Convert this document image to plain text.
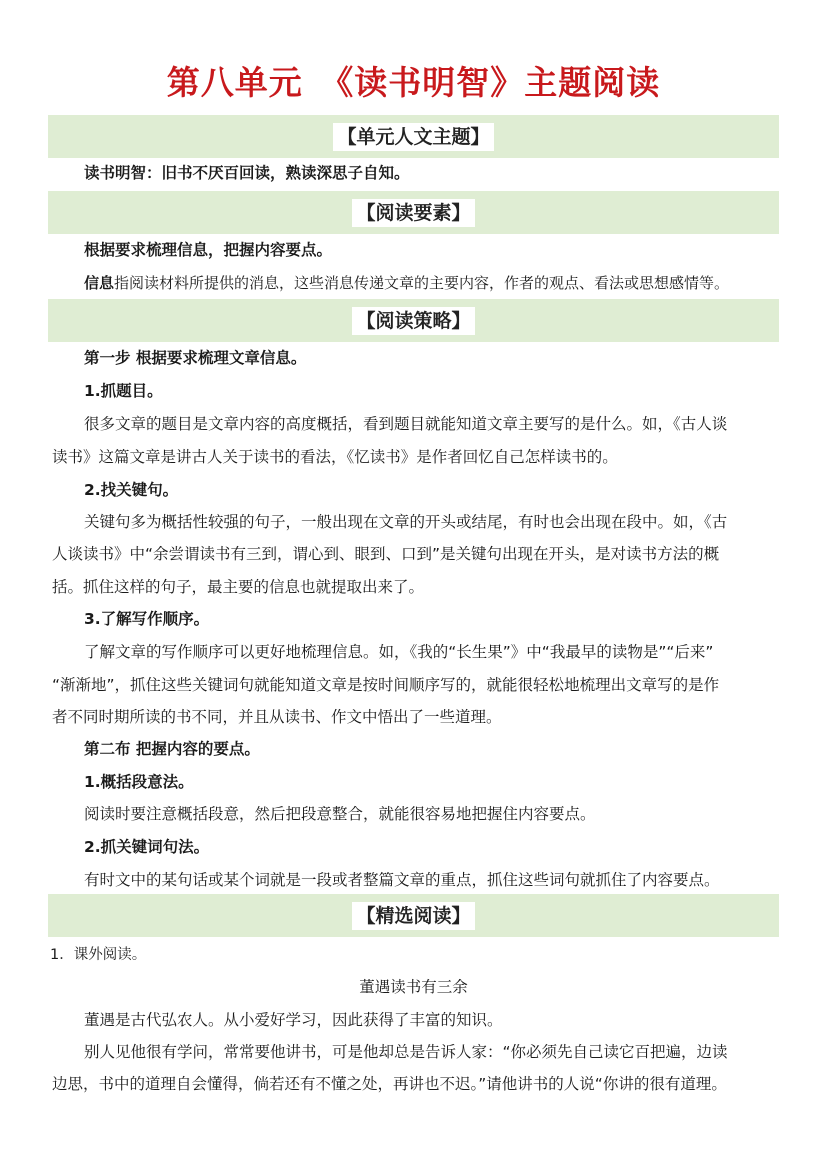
第八单元　《读书明智》主题阅读
【单元人文主题】
读书明智：旧书不厌百回读，熟读深思子自知。
【阅读要素】
根据要求梳理信息，把握内容要点。
信息指阅读材料所提供的消息，这些消息传递文章的主要内容，作者的观点、看法或思想感情等。
【阅读策略】
第一步 根据要求梳理文章信息。
1.抓题目。
很多文章的题目是文章内容的高度概括，看到题目就能知道文章主要写的是什么。如，《古人谈
读书》这篇文章是讲古人关于读书的看法，《忆读书》是作者回忆自己怎样读书的。
2.找关键句。
关键句多为概括性较强的句子，一般出现在文章的开头或结尾，有时也会出现在段中。如，《古
人谈读书》中“余尝谓读书有三到，谓心到、眼到、口到”是关键句出现在开头，是对读书方法的概
括。抓住这样的句子，最主要的信息也就提取出来了。
3.了解写作顺序。
了解文章的写作顺序可以更好地梳理信息。如，《我的“长生果”》中“我最早的读物是”“后来”
“渐渐地”，抓住这些关键词句就能知道文章是按时间顺序写的，就能很轻松地梳理出文章写的是作
者不同时期所读的书不同，并且从读书、作文中悟出了一些道理。
第二布 把握内容的要点。
1.概括段意法。
阅读时要注意概括段意，然后把段意整合，就能很容易地把握住内容要点。
2.抓关键词句法。
有时文中的某句话或某个词就是一段或者整篇文章的重点，抓住这些词句就抓住了内容要点。
【精选阅读】
1．课外阅读。
董遇读书有三余
董遇是古代弘农人。从小爱好学习，因此获得了丰富的知识。
别人见他很有学问，常常要他讲书，可是他却总是告诉人家：“你必须先自己读它百把遍，边读
边思，书中的道理自会懂得，倘若还有不懂之处，再讲也不迟。”请他讲书的人说“你讲的很有道理。
